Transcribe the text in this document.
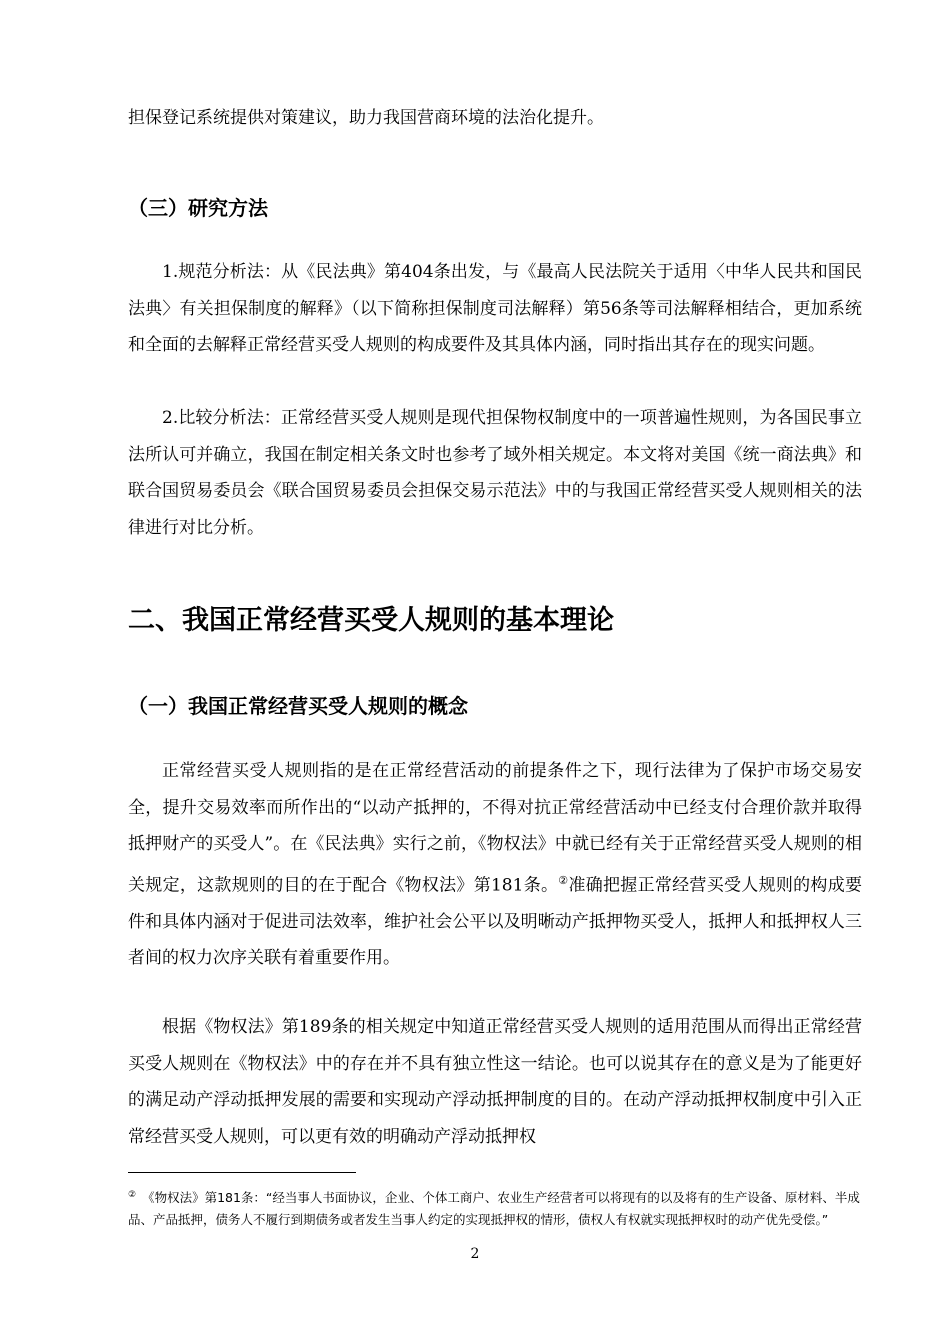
担保登记系统提供对策建议，助力我国营商环境的法治化提升。

（三）研究方法

1.规范分析法：从《民法典》第404条出发，与《最高人民法院关于适用〈中华人民共和国民法典〉有关担保制度的解释》（以下简称担保制度司法解释）第56条等司法解释相结合，更加系统和全面的去解释正常经营买受人规则的构成要件及其具体内涵，同时指出其存在的现实问题。

2.比较分析法：正常经营买受人规则是现代担保物权制度中的一项普遍性规则，为各国民事立法所认可并确立，我国在制定相关条文时也参考了域外相关规定。本文将对美国《统一商法典》和联合国贸易委员会《联合国贸易委员会担保交易示范法》中的与我国正常经营买受人规则相关的法律进行对比分析。

二、我国正常经营买受人规则的基本理论
（一）我国正常经营买受人规则的概念

正常经营买受人规则指的是在正常经营活动的前提条件之下，现行法律为了保护市场交易安全，提升交易效率而所作出的“以动产抵押的，不得对抗正常经营活动中已经支付合理价款并取得抵押财产的买受人”。在《民法典》实行之前，《物权法》中就已经有关于正常经营买受人规则的相关规定，这款规则的目的在于配合《物权法》第181条。②准确把握正常经营买受人规则的构成要件和具体内涵对于促进司法效率，维护社会公平以及明晰动产抵押物买受人，抵押人和抵押权人三者间的权力次序关联有着重要作用。

根据《物权法》第189条的相关规定中知道正常经营买受人规则的适用范围从而得出正常经营买受人规则在《物权法》中的存在并不具有独立性这一结论。也可以说其存在的意义是为了能更好的满足动产浮动抵押发展的需要和实现动产浮动抵押制度的目的。在动产浮动抵押权制度中引入正常经营买受人规则，可以更有效的明确动产浮动抵押权

② 《物权法》第181条：“经当事人书面协议，企业、个体工商户、农业生产经营者可以将现有的以及将有的生产设备、原材料、半成品、产品抵押，债务人不履行到期债务或者发生当事人约定的实现抵押权的情形，债权人有权就实现抵押权时的动产优先受偿。”

2
